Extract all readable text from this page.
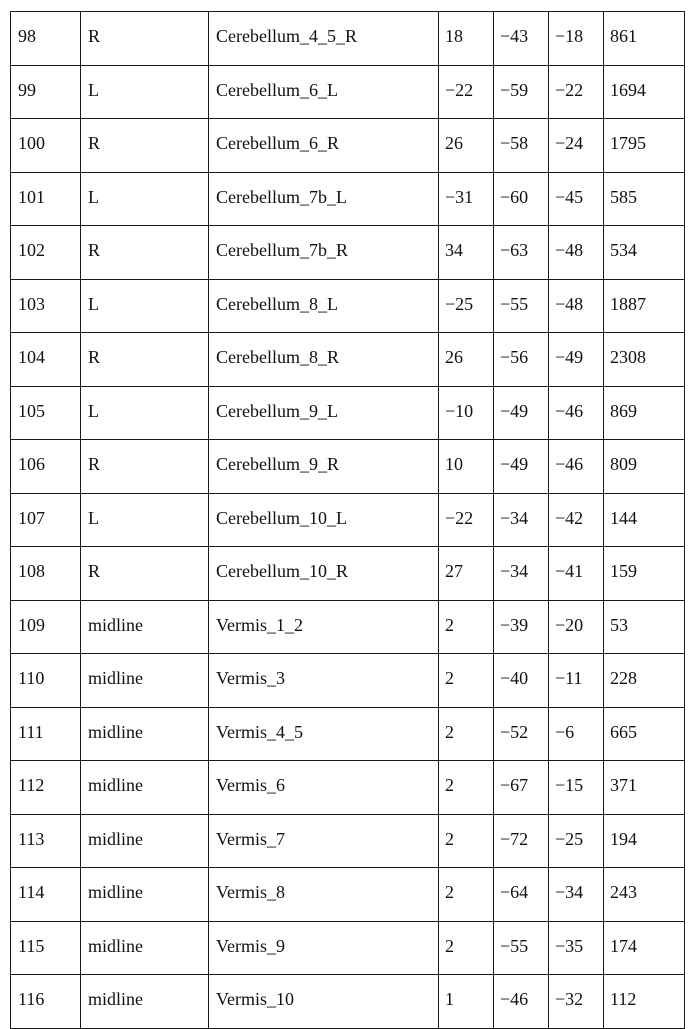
98	R	Cerebellum_4_5_R	18	−43	−18	861
99	L	Cerebellum_6_L	−22	−59	−22	1694
100	R	Cerebellum_6_R	26	−58	−24	1795
101	L	Cerebellum_7b_L	−31	−60	−45	585
102	R	Cerebellum_7b_R	34	−63	−48	534
103	L	Cerebellum_8_L	−25	−55	−48	1887
104	R	Cerebellum_8_R	26	−56	−49	2308
105	L	Cerebellum_9_L	−10	−49	−46	869
106	R	Cerebellum_9_R	10	−49	−46	809
107	L	Cerebellum_10_L	−22	−34	−42	144
108	R	Cerebellum_10_R	27	−34	−41	159
109	midline	Vermis_1_2	2	−39	−20	53
110	midline	Vermis_3	2	−40	−11	228
111	midline	Vermis_4_5	2	−52	−6	665
112	midline	Vermis_6	2	−67	−15	371
113	midline	Vermis_7	2	−72	−25	194
114	midline	Vermis_8	2	−64	−34	243
115	midline	Vermis_9	2	−55	−35	174
116	midline	Vermis_10	1	−46	−32	112
